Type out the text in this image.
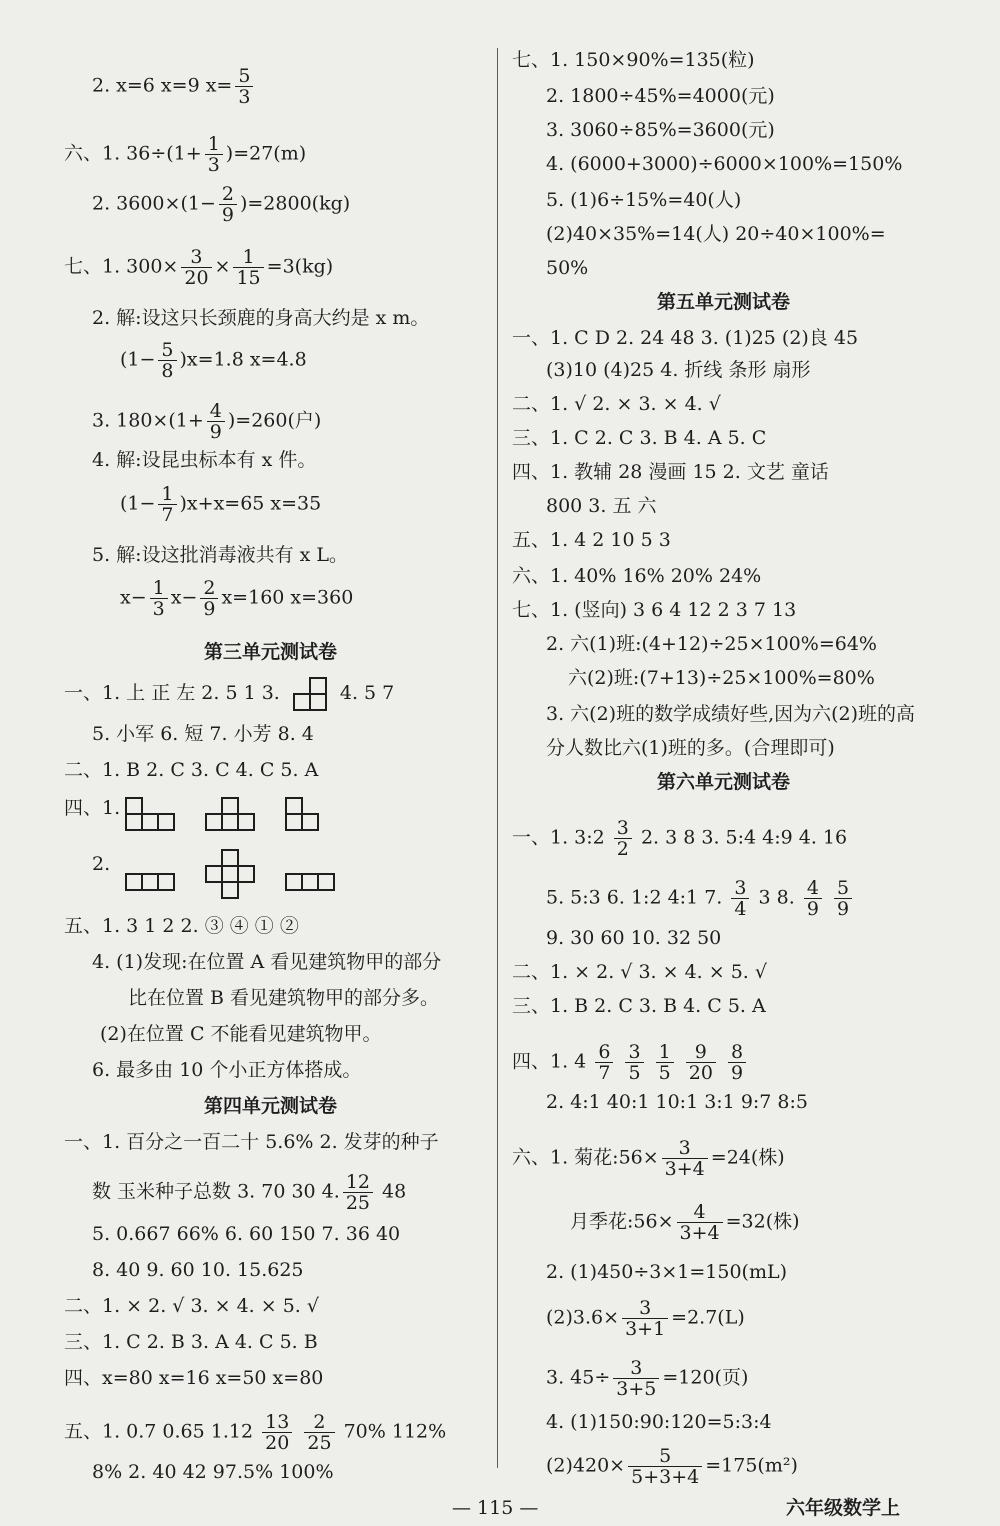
2. x=6 x=9 $x= \frac{5}{3}$
六、1. $36\div(1+ \frac{1}{3} )=27(m)$
2. $3600\times(1- \frac{2}{9} )=2800(kg)$
七、1. $300\times \frac{3}{20} \times \frac{1}{15} =3(kg)$
2. 解:设这只长颈鹿的身高大约是 x m。
$(1- \frac{5}{8} )x=1.8$ x=4.8
3. $180\times(1+ \frac{4}{9} )=260$(户)
4. 解:设昆虫标本有 x 件。
$(1- \frac{1}{7} )x+x=65$ x=35
5. 解:设这批消毒液共有 x L。
$x- \frac{1}{3} x- \frac{2}{9} x=160$ x=360
第三单元测试卷
一、1. 上 正 左 2. 5 1 3.	4. 5 7
5. 小军 6. 短 7. 小芳 8. 4
二、1. B 2. C 3. C 4. C 5. A
四、1.

2.

五、1. 3 1 2 2. ③ ④ ① ②
4. (1)发现:在位置 A 看见建筑物甲的部分
比在位置 B 看见建筑物甲的部分多。
(2)在位置 C 不能看见建筑物甲。
6. 最多由 10 个小正方体搭成。
第四单元测试卷
一、1. 百分之一百二十 5.6% 2. 发芽的种子
数 玉米种子总数 3. 70 30 4. $\frac{12}{25} 48$
5. 0.667 66% 6. 60 150 7. 36 40
8. 40 9. 60 10. 15.625
二、1. × 2. √ 3. × 4. × 5. √
三、1. C 2. B 3. A 4. C 5. B
四、x=80 x=16 x=50 x=80
五、1. 0.7 0.65 $1.12 \frac{13}{20}$
$\frac{2}{25} 70\%$ 112%
8% 2. 40 42 97.5% 100%
七、1. 150×90%=135(粒)
2. 1800÷45%=4000(元)
3. 3060÷85%=3600(元)
4. (6000+3000)÷6000×100%=150%
5. (1)6÷15%=40(人)
(2)40×35%=14(人) 20÷40×100%=
50%
第五单元测试卷
一、1. C D 2. 24 48 3. (1)25 (2)良 45
(3)10 (4)25 4. 折线 条形 扇形
二、1. √ 2. × 3. × 4. √
三、1. C 2. C 3. B 4. A 5. C
四、1. 教辅 28 漫画 15 2. 文艺 童话
800 3. 五 六
五、1. 4 2 10 5 3
六、1. 40% 16% 20% 24%
七、1. (竖向) 3 6 4 12 2 3 7 13
2. 六(1)班:(4+12)÷25×100%=64%
六(2)班:(7+13)÷25×100%=80%
3. 六(2)班的数学成绩好些,因为六(2)班的高
分人数比六(1)班的多。(合理即可)
第六单元测试卷
一、1. 3:2 $\frac{3}{2} 2$. 3 8 3. 5:4 4:9 4. 16
5. 5:3 6. 1:2 4:1 7. $\frac{3}{4} 3$ 8. $\frac{4}{9}$
$\frac{5}{9}$
9. 30 60 10. 32 50
二、1. × 2. √ 3. × 4. × 5. √
三、1. B 2. C 3. B 4. C 5. A
四、1. $4 \frac{6}{7}$
$\frac{3}{5}$
$\frac{1}{5}$
$\frac{9}{20}$
$\frac{8}{9}$
2. 4:1 40:1 10:1 3:1 9:7 8:5
六、1. 菊花:56× $\frac{3}{3+4} =24$(株)
月季花:56× $\frac{4}{3+4} =32$(株)
2. (1)450÷3×1=150(mL)
$(2)3.6\times \frac{3}{3+1} =2.7(L)$
3. $45\div \frac{3}{3+5} =120$(页)
4. (1)150:90:120=5:3:4
$(2)420\times \frac{5}{5+3+4} =175(m^2)$
— 115 —	六年级数学上
